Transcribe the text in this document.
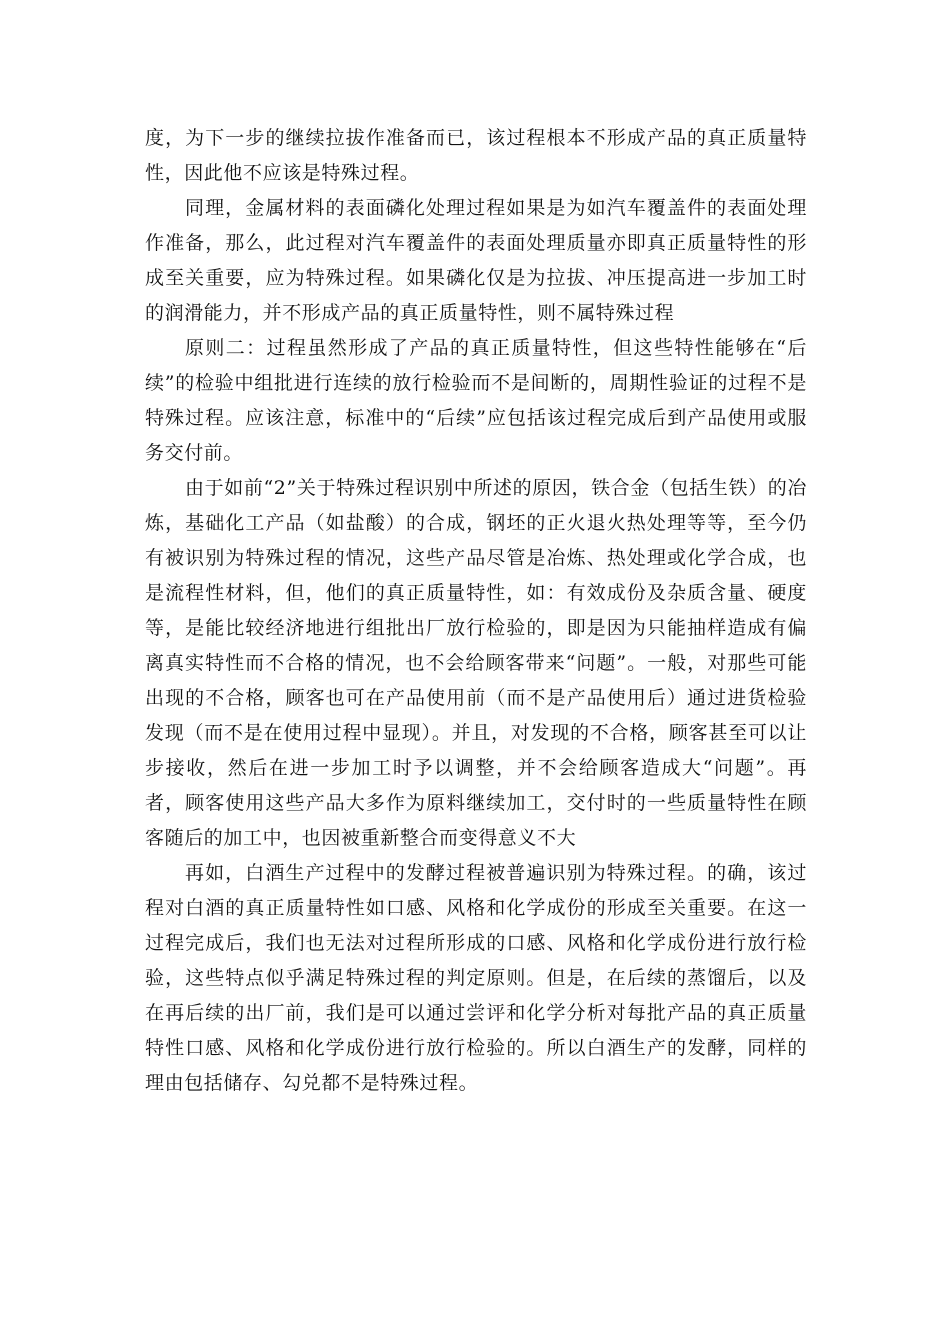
度，为下一步的继续拉拔作准备而已，该过程根本不形成产品的真正质量特性，因此他不应该是特殊过程。

同理，金属材料的表面磷化处理过程如果是为如汽车覆盖件的表面处理作准备，那么，此过程对汽车覆盖件的表面处理质量亦即真正质量特性的形成至关重要，应为特殊过程。如果磷化仅是为拉拔、冲压提高进一步加工时的润滑能力，并不形成产品的真正质量特性，则不属特殊过程

原则二：过程虽然形成了产品的真正质量特性，但这些特性能够在“后续”的检验中组批进行连续的放行检验而不是间断的，周期性验证的过程不是特殊过程。应该注意，标准中的“后续”应包括该过程完成后到产品使用或服务交付前。

由于如前“2”关于特殊过程识别中所述的原因，铁合金（包括生铁）的冶炼，基础化工产品（如盐酸）的合成，钢坯的正火退火热处理等等，至今仍有被识别为特殊过程的情况，这些产品尽管是冶炼、热处理或化学合成，也是流程性材料，但，他们的真正质量特性，如：有效成份及杂质含量、硬度等，是能比较经济地进行组批出厂放行检验的，即是因为只能抽样造成有偏离真实特性而不合格的情况，也不会给顾客带来“问题”。一般，对那些可能出现的不合格，顾客也可在产品使用前（而不是产品使用后）通过进货检验发现（而不是在使用过程中显现）。并且，对发现的不合格，顾客甚至可以让步接收，然后在进一步加工时予以调整，并不会给顾客造成大“问题”。再者，顾客使用这些产品大多作为原料继续加工，交付时的一些质量特性在顾客随后的加工中，也因被重新整合而变得意义不大

再如，白酒生产过程中的发酵过程被普遍识别为特殊过程。的确，该过程对白酒的真正质量特性如口感、风格和化学成份的形成至关重要。在这一过程完成后，我们也无法对过程所形成的口感、风格和化学成份进行放行检验，这些特点似乎满足特殊过程的判定原则。但是，在后续的蒸馏后，以及在再后续的出厂前，我们是可以通过尝评和化学分析对每批产品的真正质量特性口感、风格和化学成份进行放行检验的。所以白酒生产的发酵，同样的理由包括储存、勾兑都不是特殊过程。
